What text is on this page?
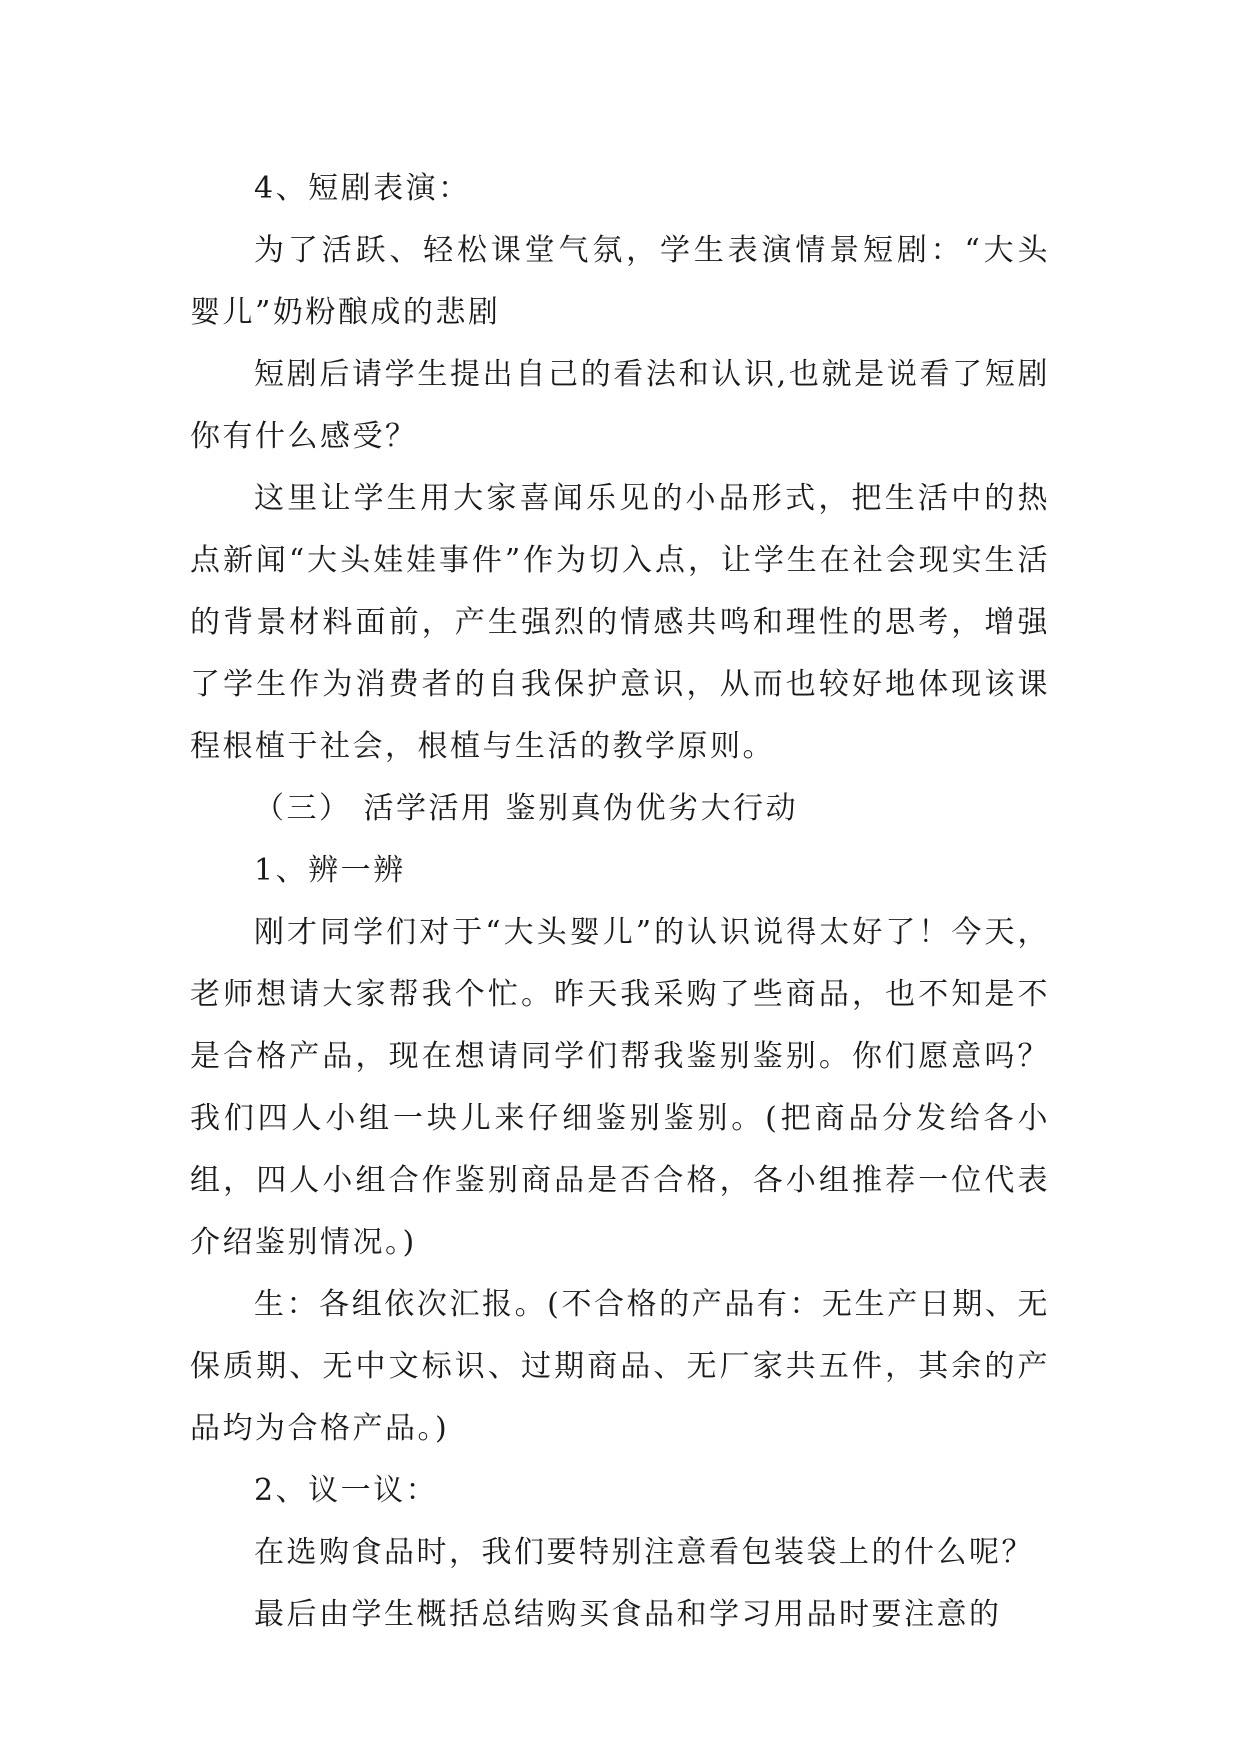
4、短剧表演：

为了活跃、轻松课堂气氛，学生表演情景短剧：“大头婴儿”奶粉酿成的悲剧

短剧后请学生提出自己的看法和认识,也就是说看了短剧你有什么感受？

这里让学生用大家喜闻乐见的小品形式，把生活中的热点新闻“大头娃娃事件”作为切入点，让学生在社会现实生活的背景材料面前，产生强烈的情感共鸣和理性的思考，增强了学生作为消费者的自我保护意识，从而也较好地体现该课程根植于社会，根植与生活的教学原则。

（三） 活学活用 鉴别真伪优劣大行动

1、辨一辨

刚才同学们对于“大头婴儿”的认识说得太好了！今天，老师想请大家帮我个忙。昨天我采购了些商品，也不知是不是合格产品，现在想请同学们帮我鉴别鉴别。你们愿意吗？我们四人小组一块儿来仔细鉴别鉴别。(把商品分发给各小组，四人小组合作鉴别商品是否合格，各小组推荐一位代表介绍鉴别情况。)

生：各组依次汇报。(不合格的产品有：无生产日期、无保质期、无中文标识、过期商品、无厂家共五件，其余的产品均为合格产品。)

2、议一议：

在选购食品时，我们要特别注意看包装袋上的什么呢？

最后由学生概括总结购买食品和学习用品时要注意的
